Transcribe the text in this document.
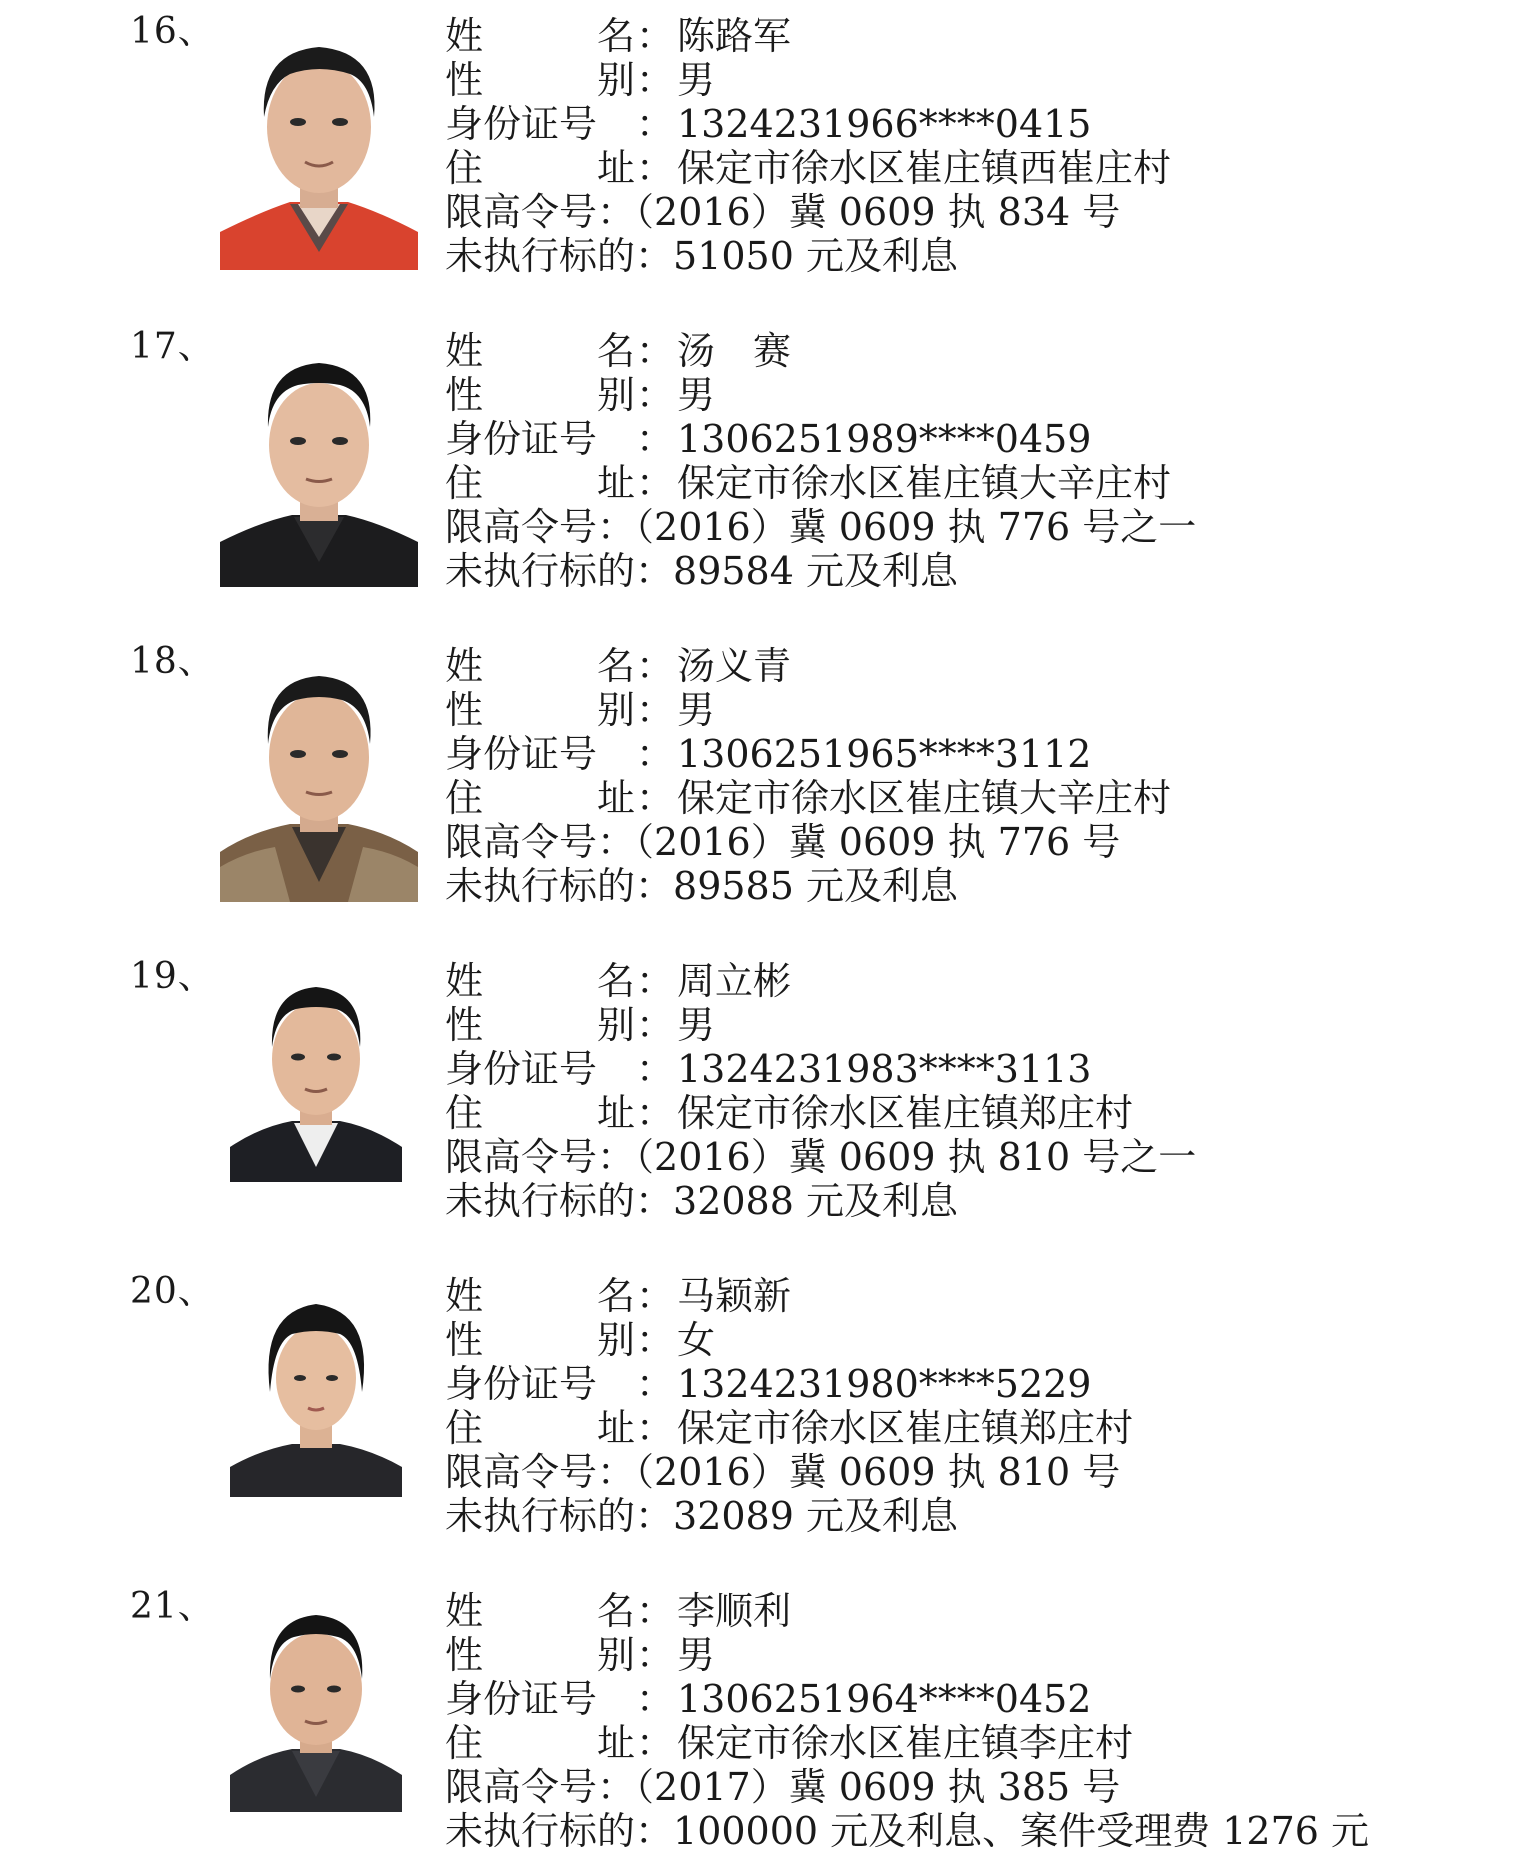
16、	姓	名 ： 陈路军
性	别 ： 男
身份证号 ： 1324231966****0415
住	址 ： 保定市徐水区崔庄镇西崔庄村
限高令号：（2016）冀 0609 执 834 号
未执行标的：51050 元及利息
17、	姓	名 ： 汤　赛
性	别 ： 男
身份证号 ： 1306251989****0459
住	址 ： 保定市徐水区崔庄镇大辛庄村
限高令号：（2016）冀 0609 执 776 号之一
未执行标的：89584 元及利息
18、	姓	名 ： 汤义青
性	别 ： 男
身份证号 ： 1306251965****3112
住	址 ： 保定市徐水区崔庄镇大辛庄村
限高令号：（2016）冀 0609 执 776 号
未执行标的：89585 元及利息
19、	姓	名 ： 周立彬
性	别 ： 男
身份证号 ： 1324231983****3113
住	址 ： 保定市徐水区崔庄镇郑庄村
限高令号：（2016）冀 0609 执 810 号之一
未执行标的：32088 元及利息
20、	姓	名 ： 马颖新
性	别 ： 女
身份证号 ： 1324231980****5229
住	址 ： 保定市徐水区崔庄镇郑庄村
限高令号：（2016）冀 0609 执 810 号
未执行标的：32089 元及利息
21、	姓	名 ： 李顺利
性	别 ： 男
身份证号 ： 1306251964****0452
住	址 ： 保定市徐水区崔庄镇李庄村
限高令号：（2017）冀 0609 执 385 号
未执行标的：100000 元及利息、案件受理费 1276 元
